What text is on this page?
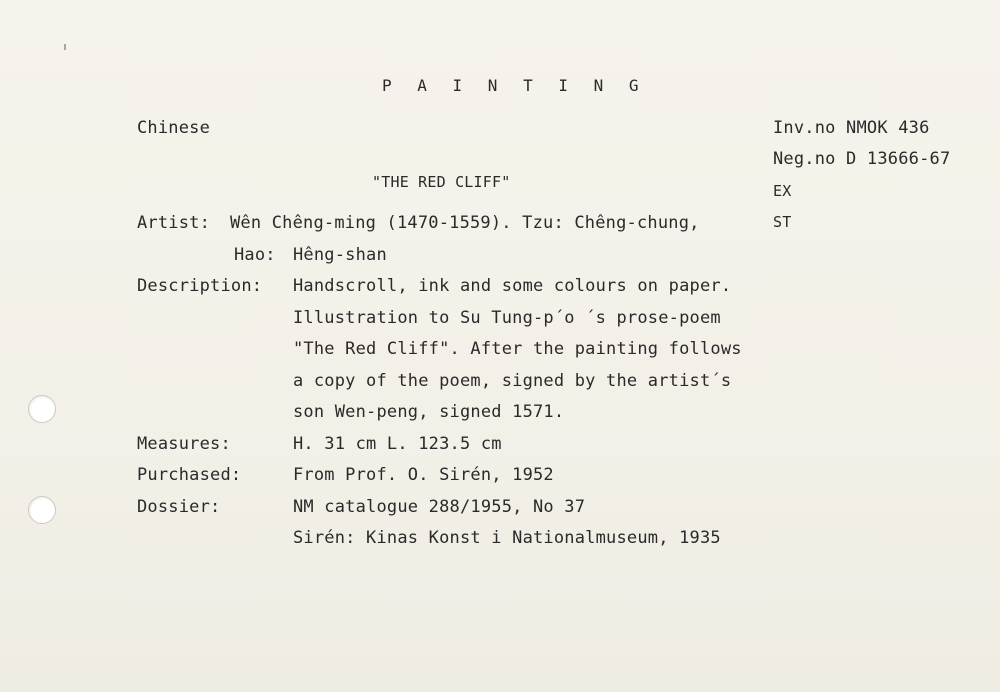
P A I N T I N G
Chinese	Inv.no NMOK 436
Neg.no D 13666-67
EX
ST
"THE RED CLIFF"
Artist: Wên Chêng-ming (1470-1559). Tzu: Chêng-chung,
Hao: Hêng-shan
Description: Handscroll, ink and some colours on paper.
Illustration to Su Tung-p´o ´s prose-poem
"The Red Cliff". After the painting follows
a copy of the poem, signed by the artist´s
son Wen-peng, signed 1571.
Measures:	H. 31 cm L. 123.5 cm
Purchased:	From Prof. O. Sirén, 1952
Dossier:	NM catalogue 288/1955, No 37
Sirén: Kinas Konst i Nationalmuseum, 1935
